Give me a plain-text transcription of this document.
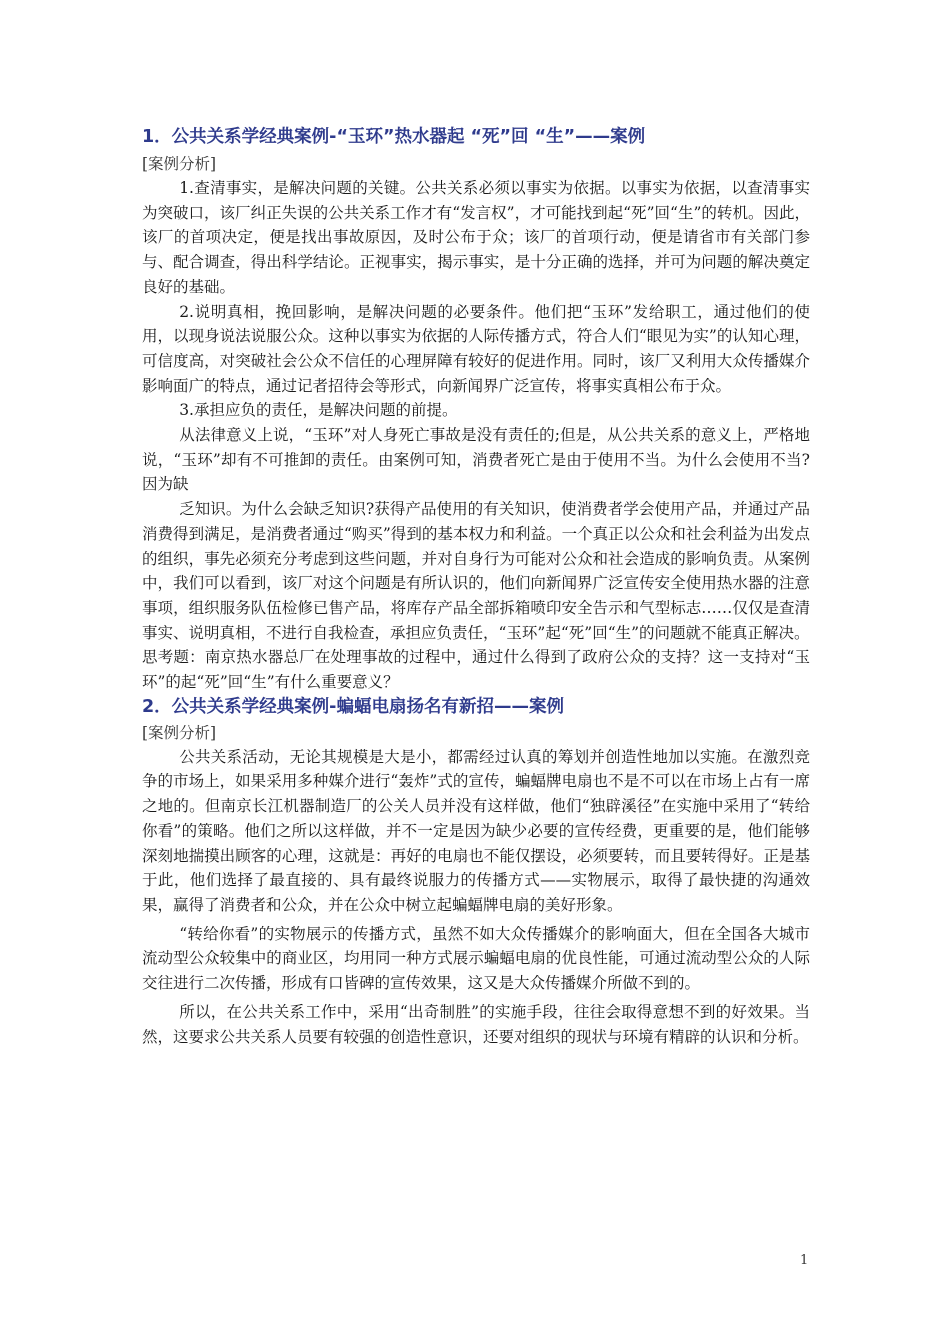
1．公共关系学经典案例-“玉环”热水器起 “死”回 “生”——案例

[案例分析]

1.查清事实，是解决问题的关键。公共关系必须以事实为依据。以事实为依据，以查清事实为突破口，该厂纠正失误的公共关系工作才有“发言权”，才可能找到起“死”回“生”的转机。因此，该厂的首项决定，便是找出事故原因，及时公布于众；该厂的首项行动，便是请省市有关部门参与、配合调查，得出科学结论。正视事实，揭示事实，是十分正确的选择，并可为问题的解决奠定良好的基础。

2.说明真相，挽回影响，是解决问题的必要条件。他们把“玉环”发给职工，通过他们的使用，以现身说法说服公众。这种以事实为依据的人际传播方式，符合人们“眼见为实”的认知心理，可信度高，对突破社会公众不信任的心理屏障有较好的促进作用。同时，该厂又利用大众传播媒介影响面广的特点，通过记者招待会等形式，向新闻界广泛宣传，将事实真相公布于众。

3.承担应负的责任，是解决问题的前提。

从法律意义上说，“玉环”对人身死亡事故是没有责任的;但是，从公共关系的意义上，严格地说，“玉环”却有不可推卸的责任。由案例可知，消费者死亡是由于使用不当。为什么会使用不当?因为缺

乏知识。为什么会缺乏知识?获得产品使用的有关知识，使消费者学会使用产品，并通过产品消费得到满足，是消费者通过“购买”得到的基本权力和利益。一个真正以公众和社会利益为出发点的组织，事先必须充分考虑到这些问题，并对自身行为可能对公众和社会造成的影响负责。从案例中，我们可以看到，该厂对这个问题是有所认识的，他们向新闻界广泛宣传安全使用热水器的注意事项，组织服务队伍检修已售产品，将库存产品全部拆箱喷印安全告示和气型标志……仅仅是查清事实、说明真相，不进行自我检查，承担应负责任，“玉环”起“死”回“生”的问题就不能真正解决。

思考题：南京热水器总厂在处理事故的过程中，通过什么得到了政府公众的支持？这一支持对“玉环”的起“死”回“生”有什么重要意义？

2．公共关系学经典案例-蝙蝠电扇扬名有新招——案例

[案例分析]

公共关系活动，无论其规模是大是小，都需经过认真的筹划并创造性地加以实施。在激烈竞争的市场上，如果采用多种媒介进行“轰炸”式的宣传，蝙蝠牌电扇也不是不可以在市场上占有一席之地的。但南京长江机器制造厂的公关人员并没有这样做，他们“独辟溪径”在实施中采用了“转给你看”的策略。他们之所以这样做，并不一定是因为缺少必要的宣传经费，更重要的是，他们能够深刻地揣摸出顾客的心理，这就是：再好的电扇也不能仅摆设，必须要转，而且要转得好。正是基于此，他们选择了最直接的、具有最终说服力的传播方式——实物展示，取得了最快捷的沟通效果，赢得了消费者和公众，并在公众中树立起蝙蝠牌电扇的美好形象。

“转给你看”的实物展示的传播方式，虽然不如大众传播媒介的影响面大，但在全国各大城市流动型公众较集中的商业区，均用同一种方式展示蝙蝠电扇的优良性能，可通过流动型公众的人际交往进行二次传播，形成有口皆碑的宣传效果，这又是大众传播媒介所做不到的。

所以，在公共关系工作中，采用“出奇制胜”的实施手段，往往会取得意想不到的好效果。当然，这要求公共关系人员要有较强的创造性意识，还要对组织的现状与环境有精辟的认识和分析。

1
